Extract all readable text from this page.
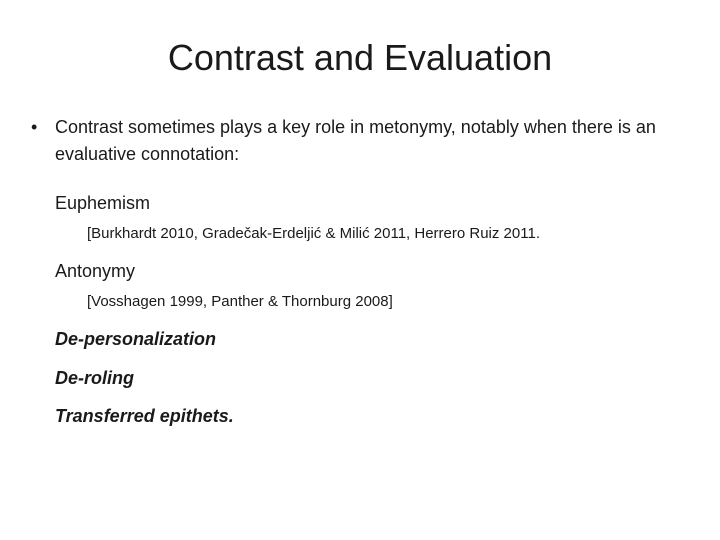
Contrast and Evaluation
• Contrast sometimes plays a key role in metonymy, notably when there is an evaluative connotation:
Euphemism
[Burkhardt 2010, Gradečak-Erdeljić & Milić 2011, Herrero Ruiz 2011.
Antonymy
[Vosshagen 1999, Panther & Thornburg 2008]
De-personalization
De-roling
Transferred epithets.
